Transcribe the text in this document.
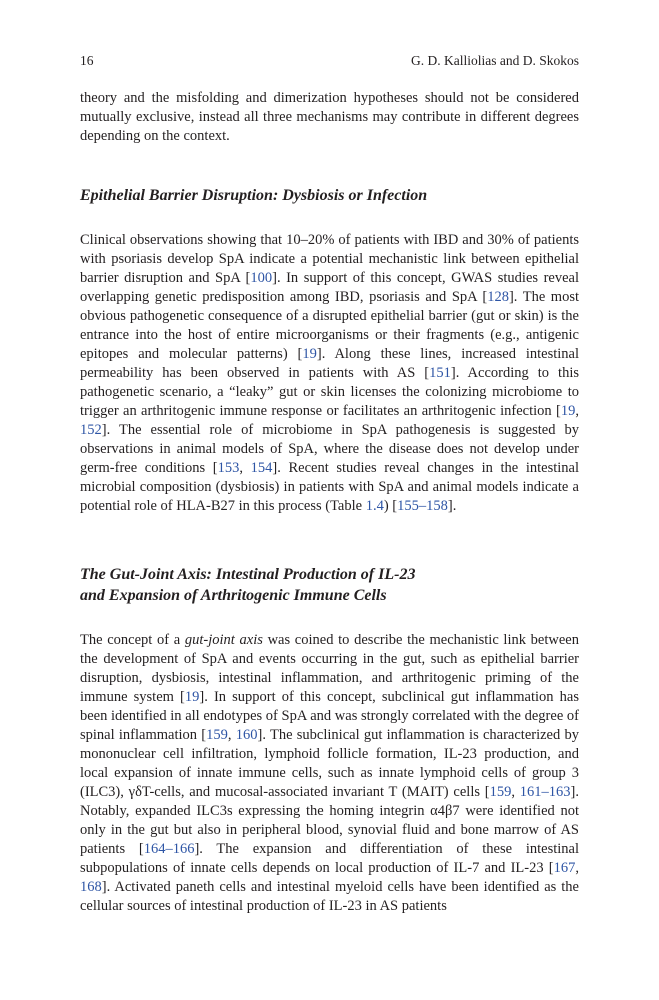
16	G. D. Kalliolias and D. Skokos

theory and the misfolding and dimerization hypotheses should not be considered mutually exclusive, instead all three mechanisms may contribute in different degrees depending on the context.

Epithelial Barrier Disruption: Dysbiosis or Infection

Clinical observations showing that 10–20% of patients with IBD and 30% of patients with psoriasis develop SpA indicate a potential mechanistic link between epithelial barrier disruption and SpA [100]. In support of this concept, GWAS studies reveal overlapping genetic predisposition among IBD, psoriasis and SpA [128]. The most obvious pathogenetic consequence of a disrupted epithelial barrier (gut or skin) is the entrance into the host of entire microorganisms or their fragments (e.g., antigenic epitopes and molecular patterns) [19]. Along these lines, increased intestinal permeability has been observed in patients with AS [151]. According to this pathogenetic scenario, a “leaky” gut or skin licenses the colonizing microbiome to trigger an arthritogenic immune response or facilitates an arthritogenic infection [19, 152]. The essential role of microbiome in SpA pathogenesis is suggested by observations in animal models of SpA, where the disease does not develop under germ-free conditions [153, 154]. Recent studies reveal changes in the intestinal microbial composition (dysbiosis) in patients with SpA and animal models indicate a potential role of HLA-B27 in this process (Table 1.4) [155–158].

The Gut-Joint Axis: Intestinal Production of IL-23
and Expansion of Arthritogenic Immune Cells

The concept of a gut-joint axis was coined to describe the mechanistic link between the development of SpA and events occurring in the gut, such as epithelial barrier disruption, dysbiosis, intestinal inflammation, and arthritogenic priming of the immune system [19]. In support of this concept, subclinical gut inflammation has been identified in all endotypes of SpA and was strongly correlated with the degree of spinal inflammation [159, 160]. The subclinical gut inflammation is characterized by mononuclear cell infiltration, lymphoid follicle formation, IL-23 production, and local expansion of innate immune cells, such as innate lymphoid cells of group 3 (ILC3), γδT-cells, and mucosal-associated invariant T (MAIT) cells [159, 161–163]. Notably, expanded ILC3s expressing the homing integrin α4β7 were identified not only in the gut but also in peripheral blood, synovial fluid and bone marrow of AS patients [164–166]. The expansion and differentiation of these intestinal subpopulations of innate cells depends on local production of IL-7 and IL-23 [167, 168]. Activated paneth cells and intestinal myeloid cells have been identified as the cellular sources of intestinal production of IL-23 in AS patients
